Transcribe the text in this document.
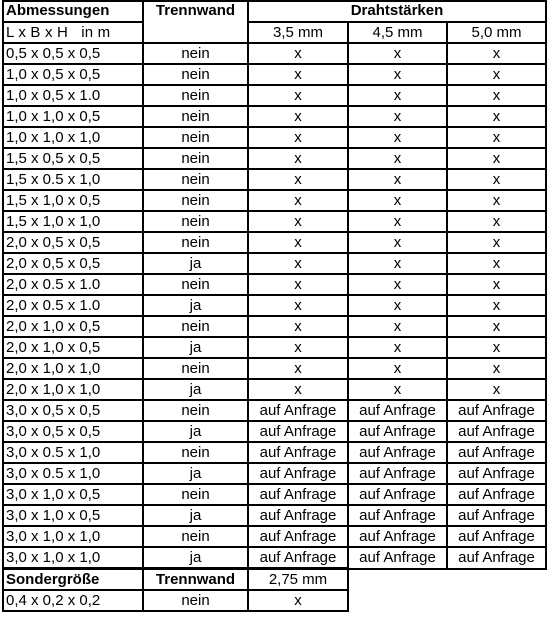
Abmessungen	Trennwand	Drahtstärken		
L x B x H   in m		3,5 mm	4,5 mm	5,0 mm
0,5 x 0,5 x 0,5	nein	x	x	x
1,0 x 0,5 x 0,5	nein	x	x	x
1,0 x 0,5 x 1.0	nein	x	x	x
1,0 x 1,0 x 0,5	nein	x	x	x
1,0 x 1,0 x 1,0	nein	x	x	x
1,5 x 0,5 x 0,5	nein	x	x	x
1,5 x 0.5 x 1,0	nein	x	x	x
1,5 x 1,0 x 0,5	nein	x	x	x
1,5 x 1,0 x 1,0	nein	x	x	x
2,0 x 0,5 x 0,5	nein	x	x	x
2,0 x 0,5 x 0,5	ja	x	x	x
2,0 x 0.5 x 1.0	nein	x	x	x
2,0 x 0.5 x 1.0	ja	x	x	x
2,0 x 1,0 x 0,5	nein	x	x	x
2,0 x 1,0 x 0,5	ja	x	x	x
2,0 x 1,0 x 1,0	nein	x	x	x
2,0 x 1,0 x 1,0	ja	x	x	x
3,0 x 0,5 x 0,5	nein	auf Anfrage	auf Anfrage	auf Anfrage
3,0 x 0,5 x 0,5	ja	auf Anfrage	auf Anfrage	auf Anfrage
3,0 x 0.5 x 1,0	nein	auf Anfrage	auf Anfrage	auf Anfrage
3,0 x 0.5 x 1,0	ja	auf Anfrage	auf Anfrage	auf Anfrage
3,0 x 1,0 x 0,5	nein	auf Anfrage	auf Anfrage	auf Anfrage
3,0 x 1,0 x 0,5	ja	auf Anfrage	auf Anfrage	auf Anfrage
3,0 x 1,0 x 1,0	nein	auf Anfrage	auf Anfrage	auf Anfrage
3,0 x 1,0 x 1,0	ja	auf Anfrage	auf Anfrage	auf Anfrage
Sondergröße	Trennwand	2,75 mm		
0,4 x 0,2 x 0,2	nein	x		
